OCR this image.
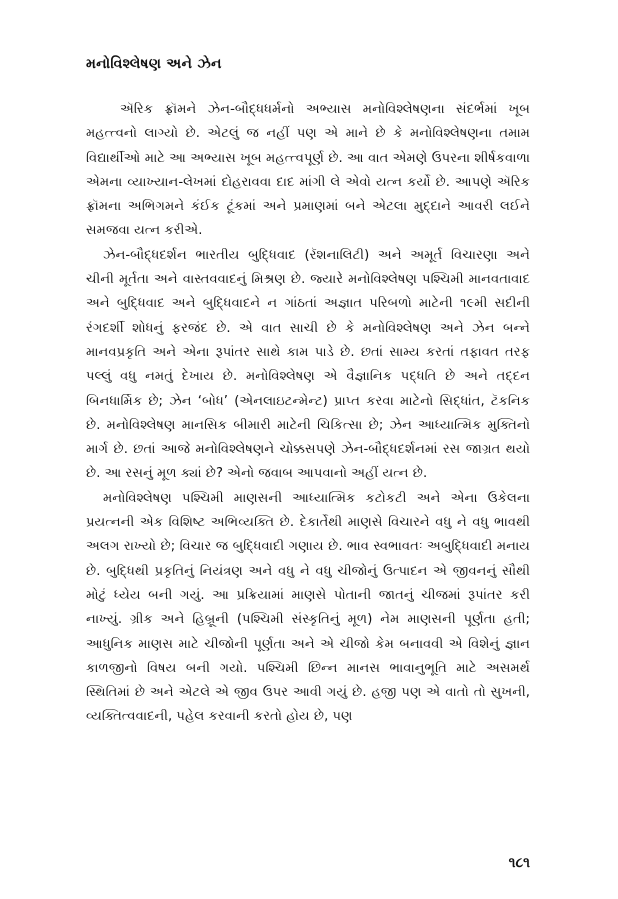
મનોવિશ્લેષણ અને ઝેન

ઍરિક ફ્રૉમને ઝેન-બૌદ્ધધર્મનો અભ્યાસ મનોવિશ્લેષણના સંદર્ભમાં ખૂબ મહત્ત્વનો લાગ્યો છે. એટલું જ નહીં પણ એ માને છે કે મનોવિશ્લેષણના તમામ વિદ્યાર્થીઓ માટે આ અભ્યાસ ખૂબ મહત્ત્વપૂર્ણ છે. આ વાત એમણે ઉપરના શીર્ષકવાળા એમના વ્યાખ્યાન-લેખમાં દોહરાવવા દાદ માંગી લે એવો યત્ન કર્યો છે. આપણે ઍરિક ફ્રૉમના અભિગમને કંઈક ટૂંકમાં અને પ્રમાણમાં બને એટલા મુદ્દાને આવરી લઈને સમજવા યત્ન કરીએ.

ઝેન-બૌદ્ધદર્શન ભારતીય બુદ્ધિવાદ (રૅશનાલિટી) અને અમૂર્ત વિચારણા અને ચીની મૂર્તતા અને વાસ્તવવાદનું મિશ્રણ છે. જ્યારે મનોવિશ્લેષણ પશ્ચિમી માનવતાવાદ અને બુદ્ધિવાદ અને બુદ્ધિવાદને ન ગાંઠતાં અજ્ઞાત પરિબળો માટેની ૧૯મી સદીની રંગદર્શી શોધનું ફરજંદ છે. એ વાત સાચી છે કે મનોવિશ્લેષણ અને ઝેન બન્ને માનવપ્રકૃતિ અને એના રૂપાંતર સાથે કામ પાડે છે. છતાં સામ્ય કરતાં તફાવત તરફ પલ્લું વધુ નમતું દેખાય છે. મનોવિશ્લેષણ એ વૈજ્ઞાનિક પદ્ધતિ છે અને તદ્દન બિનધાર્મિક છે; ઝેન ‘બોધ’ (એનલાઇટન્મેન્ટ) પ્રાપ્ત કરવા માટેનો સિદ્ધાંત, ટૅકનિક છે. મનોવિશ્લેષણ માનસિક બીમારી માટેની ચિકિત્સા છે; ઝેન આધ્યાત્મિક મુક્તિનો માર્ગ છે. છતાં આજે મનોવિશ્લેષણને ચોક્કસપણે ઝેન-બૌદ્ધદર્શનમાં રસ જાગ્રત થયો છે. આ રસનું મૂળ ક્યાં છે? એનો જવાબ આપવાનો અહીં યત્ન છે.

મનોવિશ્લેષણ પશ્ચિમી માણસની આધ્યાત્મિક કટોકટી અને એના ઉકેલના પ્રયત્નની એક વિશિષ્ટ અભિવ્યક્તિ છે. દેકાર્તેથી માણસે વિચારને વધુ ને વધુ ભાવથી અલગ રાખ્યો છે; વિચાર જ બુદ્ધિવાદી ગણાય છે. ભાવ સ્વભાવતઃ અબુદ્ધિવાદી મનાય છે. બુદ્ધિથી પ્રકૃતિનું નિયંત્રણ અને વધુ ને વધુ ચીજોનું ઉત્પાદન એ જીવનનું સૌથી મોટું ધ્યેય બની ગયું. આ પ્રક્રિયામાં માણસે પોતાની જાતનું ચીજમાં રૂપાંતર કરી નાખ્યું. ગ્રીક અને હિબ્રૂની (પશ્ચિમી સંસ્કૃતિનું મૂળ) નેમ માણસની પૂર્ણતા હતી; આધુનિક માણસ માટે ચીજોની પૂર્ણતા અને એ ચીજો કેમ બનાવવી એ વિશેનું જ્ઞાન કાળજીનો વિષય બની ગયો. પશ્ચિમી છિન્ન માનસ ભાવાનુભૂતિ માટે અસમર્થ સ્થિતિમાં છે અને એટલે એ જીવ ઉપર આવી ગયું છે. હજી પણ એ વાતો તો સુખની, વ્યક્તિત્વવાદની, પહેલ કરવાની કરતો હોય છે, પણ

૧૮૧
